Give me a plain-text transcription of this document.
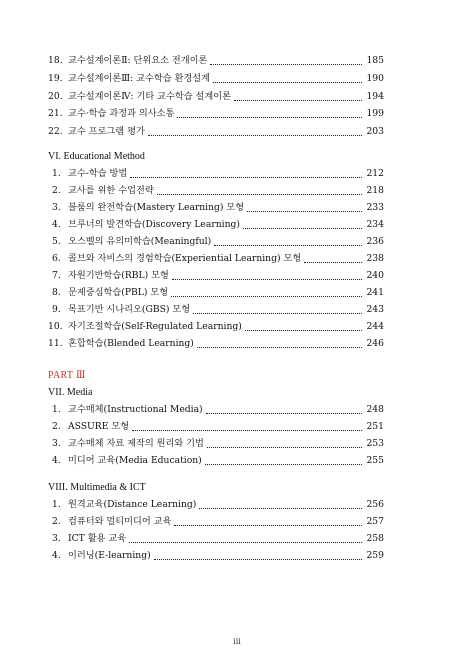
PART Ⅲ
VI. Educational Method
VII. Media
VIII. Multimedia & ICT
18. 교수설계이론Ⅱ: 단위요소 전개이론	185
19. 교수설계이론Ⅲ: 교수학습 환경설계	190
20. 교수설계이론Ⅳ: 기타 교수학습 설계이론	194
21. 교수·학습 과정과 의사소통	199
22. 교수 프로그램 평가	203
1. 교수-학습 방법	212
2. 교사를 위한 수업전략	218
3. 블룸의 완전학습(Mastery Learning) 모형	233
4. 브루너의 발견학습(Discovery Learning)	234
5. 오스벨의 유의미학습(Meaningful)	236
6. 콜브와 자비스의 경험학습(Experiential Learning) 모형	238
7. 자원기반학습(RBL) 모형	240
8. 문제중심학습(PBL) 모형	241
9. 목표기반 시나리오(GBS) 모형	243
10. 자기조절학습(Self-Regulated Learning)	244
11. 혼합학습(Blended Learning)	246
1. 교수매체(Instructional Media)	248
2. ASSURE 모형	251
3. 교수매체 자료 제작의 원리와 기법	253
4. 미디어 교육(Media Education)	255
1. 원격교육(Distance Learning)	256
2. 컴퓨터와 멀티미디어 교육	257
3. ICT 활용 교육	258
4. 이러닝(E-learning)	259
iii
